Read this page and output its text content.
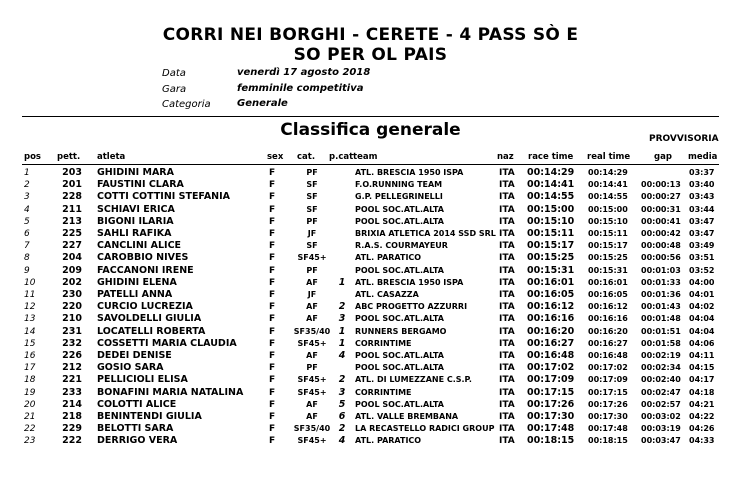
CORRI NEI BORGHI - CERETE - 4 PASS SÒ E
SO PER OL PAIS
Data	venerdì 17 agosto 2018
Gara	femminile competitiva
Categoria	Generale
Classifica generale	PROVVISORIA
pos pett. atleta	sex cat. p.cat team	naz race time real time	gap media
1	203 GHIDINI MARA	F	PF	ATL. BRESCIA 1950 ISPA	ITA 00:14:29 00:14:29	03:37
2	201 FAUSTINI CLARA	F	SF	F.O.RUNNING TEAM	ITA 00:14:41 00:14:41 00:00:13 03:40
3	228 COTTI COTTINI STEFANIA	F	SF	G.P. PELLEGRINELLI	ITA 00:14:55 00:14:55 00:00:27 03:43
4	211 SCHIAVI ERICA	F	SF	POOL SOC.ATL.ALTA	ITA 00:15:00 00:15:00 00:00:31 03:44
5	213 BIGONI ILARIA	F	PF	POOL SOC.ATL.ALTA	ITA 00:15:10 00:15:10 00:00:41 03:47
6	225 SAHLI RAFIKA	F	JF	BRIXIA ATLETICA 2014 SSD SRL ITA 00:15:11 00:15:11 00:00:42 03:47
7	227 CANCLINI ALICE	F	SF	R.A.S. COURMAYEUR	ITA 00:15:17 00:15:17 00:00:48 03:49
8	204 CAROBBIO NIVES	F	SF45+	ATL. PARATICO	ITA 00:15:25 00:15:25 00:00:56 03:51
9	209 FACCANONI IRENE	F	PF	POOL SOC.ATL.ALTA	ITA 00:15:31 00:15:31 00:01:03 03:52
10	202 GHIDINI ELENA	F	AF	1	ATL. BRESCIA 1950 ISPA	ITA 00:16:01 00:16:01 00:01:33 04:00
11	230 PATELLI ANNA	F	JF	ATL. CASAZZA	ITA 00:16:05 00:16:05 00:01:36 04:01
12	220 CURCIO LUCREZIA	F	AF	2	ABC PROGETTO AZZURRI	ITA 00:16:12 00:16:12 00:01:43 04:02
13	210 SAVOLDELLI GIULIA	F	AF	3	POOL SOC.ATL.ALTA	ITA 00:16:16 00:16:16 00:01:48 04:04
14	231 LOCATELLI ROBERTA	F	SF35/40 1	RUNNERS BERGAMO	ITA 00:16:20 00:16:20 00:01:51 04:04
15	232 COSSETTI MARIA CLAUDIA	F	SF45+	1	CORRINTIME	ITA 00:16:27 00:16:27 00:01:58 04:06
16	226 DEDEI DENISE	F	AF	4	POOL SOC.ATL.ALTA	ITA 00:16:48 00:16:48 00:02:19 04:11
17	212 GOSIO SARA	F	PF	POOL SOC.ATL.ALTA	ITA 00:17:02 00:17:02 00:02:34 04:15
18	221 PELLICIOLI ELISA	F	SF45+	2	ATL. DI LUMEZZANE C.S.P.	ITA 00:17:09 00:17:09 00:02:40 04:17
19	233 BONAFINI MARIA NATALINA	F	SF45+	3	CORRINTIME	ITA 00:17:15 00:17:15 00:02:47 04:18
20	214 COLOTTI ALICE	F	AF	5	POOL SOC.ATL.ALTA	ITA 00:17:26 00:17:26 00:02:57 04:21
21	218 BENINTENDI GIULIA	F	AF	6	ATL. VALLE BREMBANA	ITA 00:17:30 00:17:30 00:03:02 04:22
22	229 BELOTTI SARA	F	SF35/40 2	LA RECASTELLO RADICI GROUP ITA 00:17:48 00:17:48 00:03:19 04:26
23	222 DERRIGO VERA	F	SF45+	4	ATL. PARATICO	ITA 00:18:15 00:18:15 00:03:47 04:33
